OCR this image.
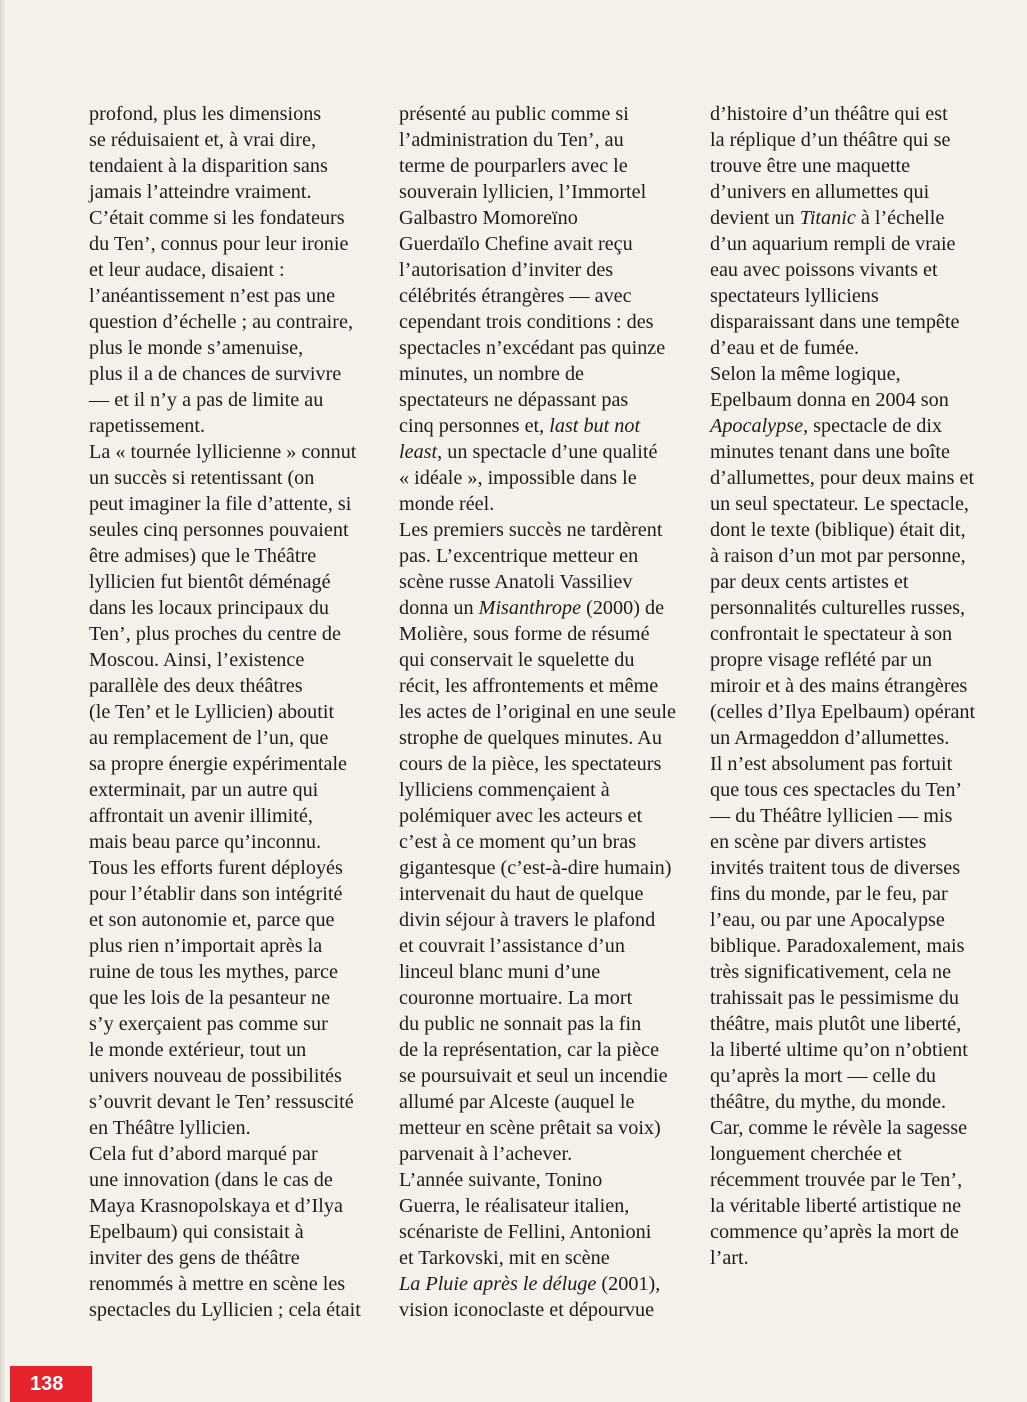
profond, plus les dimensions
se réduisaient et, à vrai dire,
tendaient à la disparition sans
jamais l’atteindre vraiment.
C’était comme si les fondateurs
du Ten’, connus pour leur ironie
et leur audace, disaient :
l’anéantissement n’est pas une
question d’échelle ; au contraire,
plus le monde s’amenuise,
plus il a de chances de survivre
— et il n’y a pas de limite au
rapetissement.
La « tournée lyllicienne » connut
un succès si retentissant (on
peut imaginer la file d’attente, si
seules cinq personnes pouvaient
être admises) que le Théâtre
lyllicien fut bientôt déménagé
dans les locaux principaux du
Ten’, plus proches du centre de
Moscou. Ainsi, l’existence
parallèle des deux théâtres
(le Ten’ et le Lyllicien) aboutit
au remplacement de l’un, que
sa propre énergie expérimentale
exterminait, par un autre qui
affrontait un avenir illimité,
mais beau parce qu’inconnu.
Tous les efforts furent déployés
pour l’établir dans son intégrité
et son autonomie et, parce que
plus rien n’importait après la
ruine de tous les mythes, parce
que les lois de la pesanteur ne
s’y exerçaient pas comme sur
le monde extérieur, tout un
univers nouveau de possibilités
s’ouvrit devant le Ten’ ressuscité
en Théâtre lyllicien.
Cela fut d’abord marqué par
une innovation (dans le cas de
Maya Krasnopolskaya et d’Ilya
Epelbaum) qui consistait à
inviter des gens de théâtre
renommés à mettre en scène les
spectacles du Lyllicien ; cela était
présenté au public comme si
l’administration du Ten’, au
terme de pourparlers avec le
souverain lyllicien, l’Immortel
Galbastro Momoreïno
Guerdaïlo Chefine avait reçu
l’autorisation d’inviter des
célébrités étrangères — avec
cependant trois conditions : des
spectacles n’excédant pas quinze
minutes, un nombre de
spectateurs ne dépassant pas
cinq personnes et, last but not
least, un spectacle d’une qualité
« idéale », impossible dans le
monde réel.
Les premiers succès ne tardèrent
pas. L’excentrique metteur en
scène russe Anatoli Vassiliev
donna un Misanthrope (2000) de
Molière, sous forme de résumé
qui conservait le squelette du
récit, les affrontements et même
les actes de l’original en une seule
strophe de quelques minutes. Au
cours de la pièce, les spectateurs
lylliciens commençaient à
polémiquer avec les acteurs et
c’est à ce moment qu’un bras
gigantesque (c’est-à-dire humain)
intervenait du haut de quelque
divin séjour à travers le plafond
et couvrait l’assistance d’un
linceul blanc muni d’une
couronne mortuaire. La mort
du public ne sonnait pas la fin
de la représentation, car la pièce
se poursuivait et seul un incendie
allumé par Alceste (auquel le
metteur en scène prêtait sa voix)
parvenait à l’achever.
L’année suivante, Tonino
Guerra, le réalisateur italien,
scénariste de Fellini, Antonioni
et Tarkovski, mit en scène
La Pluie après le déluge (2001),
vision iconoclaste et dépourvue
d’histoire d’un théâtre qui est
la réplique d’un théâtre qui se
trouve être une maquette
d’univers en allumettes qui
devient un Titanic à l’échelle
d’un aquarium rempli de vraie
eau avec poissons vivants et
spectateurs lylliciens
disparaissant dans une tempête
d’eau et de fumée.
Selon la même logique,
Epelbaum donna en 2004 son
Apocalypse, spectacle de dix
minutes tenant dans une boîte
d’allumettes, pour deux mains et
un seul spectateur. Le spectacle,
dont le texte (biblique) était dit,
à raison d’un mot par personne,
par deux cents artistes et
personnalités culturelles russes,
confrontait le spectateur à son
propre visage reflété par un
miroir et à des mains étrangères
(celles d’Ilya Epelbaum) opérant
un Armageddon d’allumettes.
Il n’est absolument pas fortuit
que tous ces spectacles du Ten’
— du Théâtre lyllicien — mis
en scène par divers artistes
invités traitent tous de diverses
fins du monde, par le feu, par
l’eau, ou par une Apocalypse
biblique. Paradoxalement, mais
très significativement, cela ne
trahissait pas le pessimisme du
théâtre, mais plutôt une liberté,
la liberté ultime qu’on n’obtient
qu’après la mort — celle du
théâtre, du mythe, du monde.
Car, comme le révèle la sagesse
longuement cherchée et
récemment trouvée par le Ten’,
la véritable liberté artistique ne
commence qu’après la mort de
l’art.
138
